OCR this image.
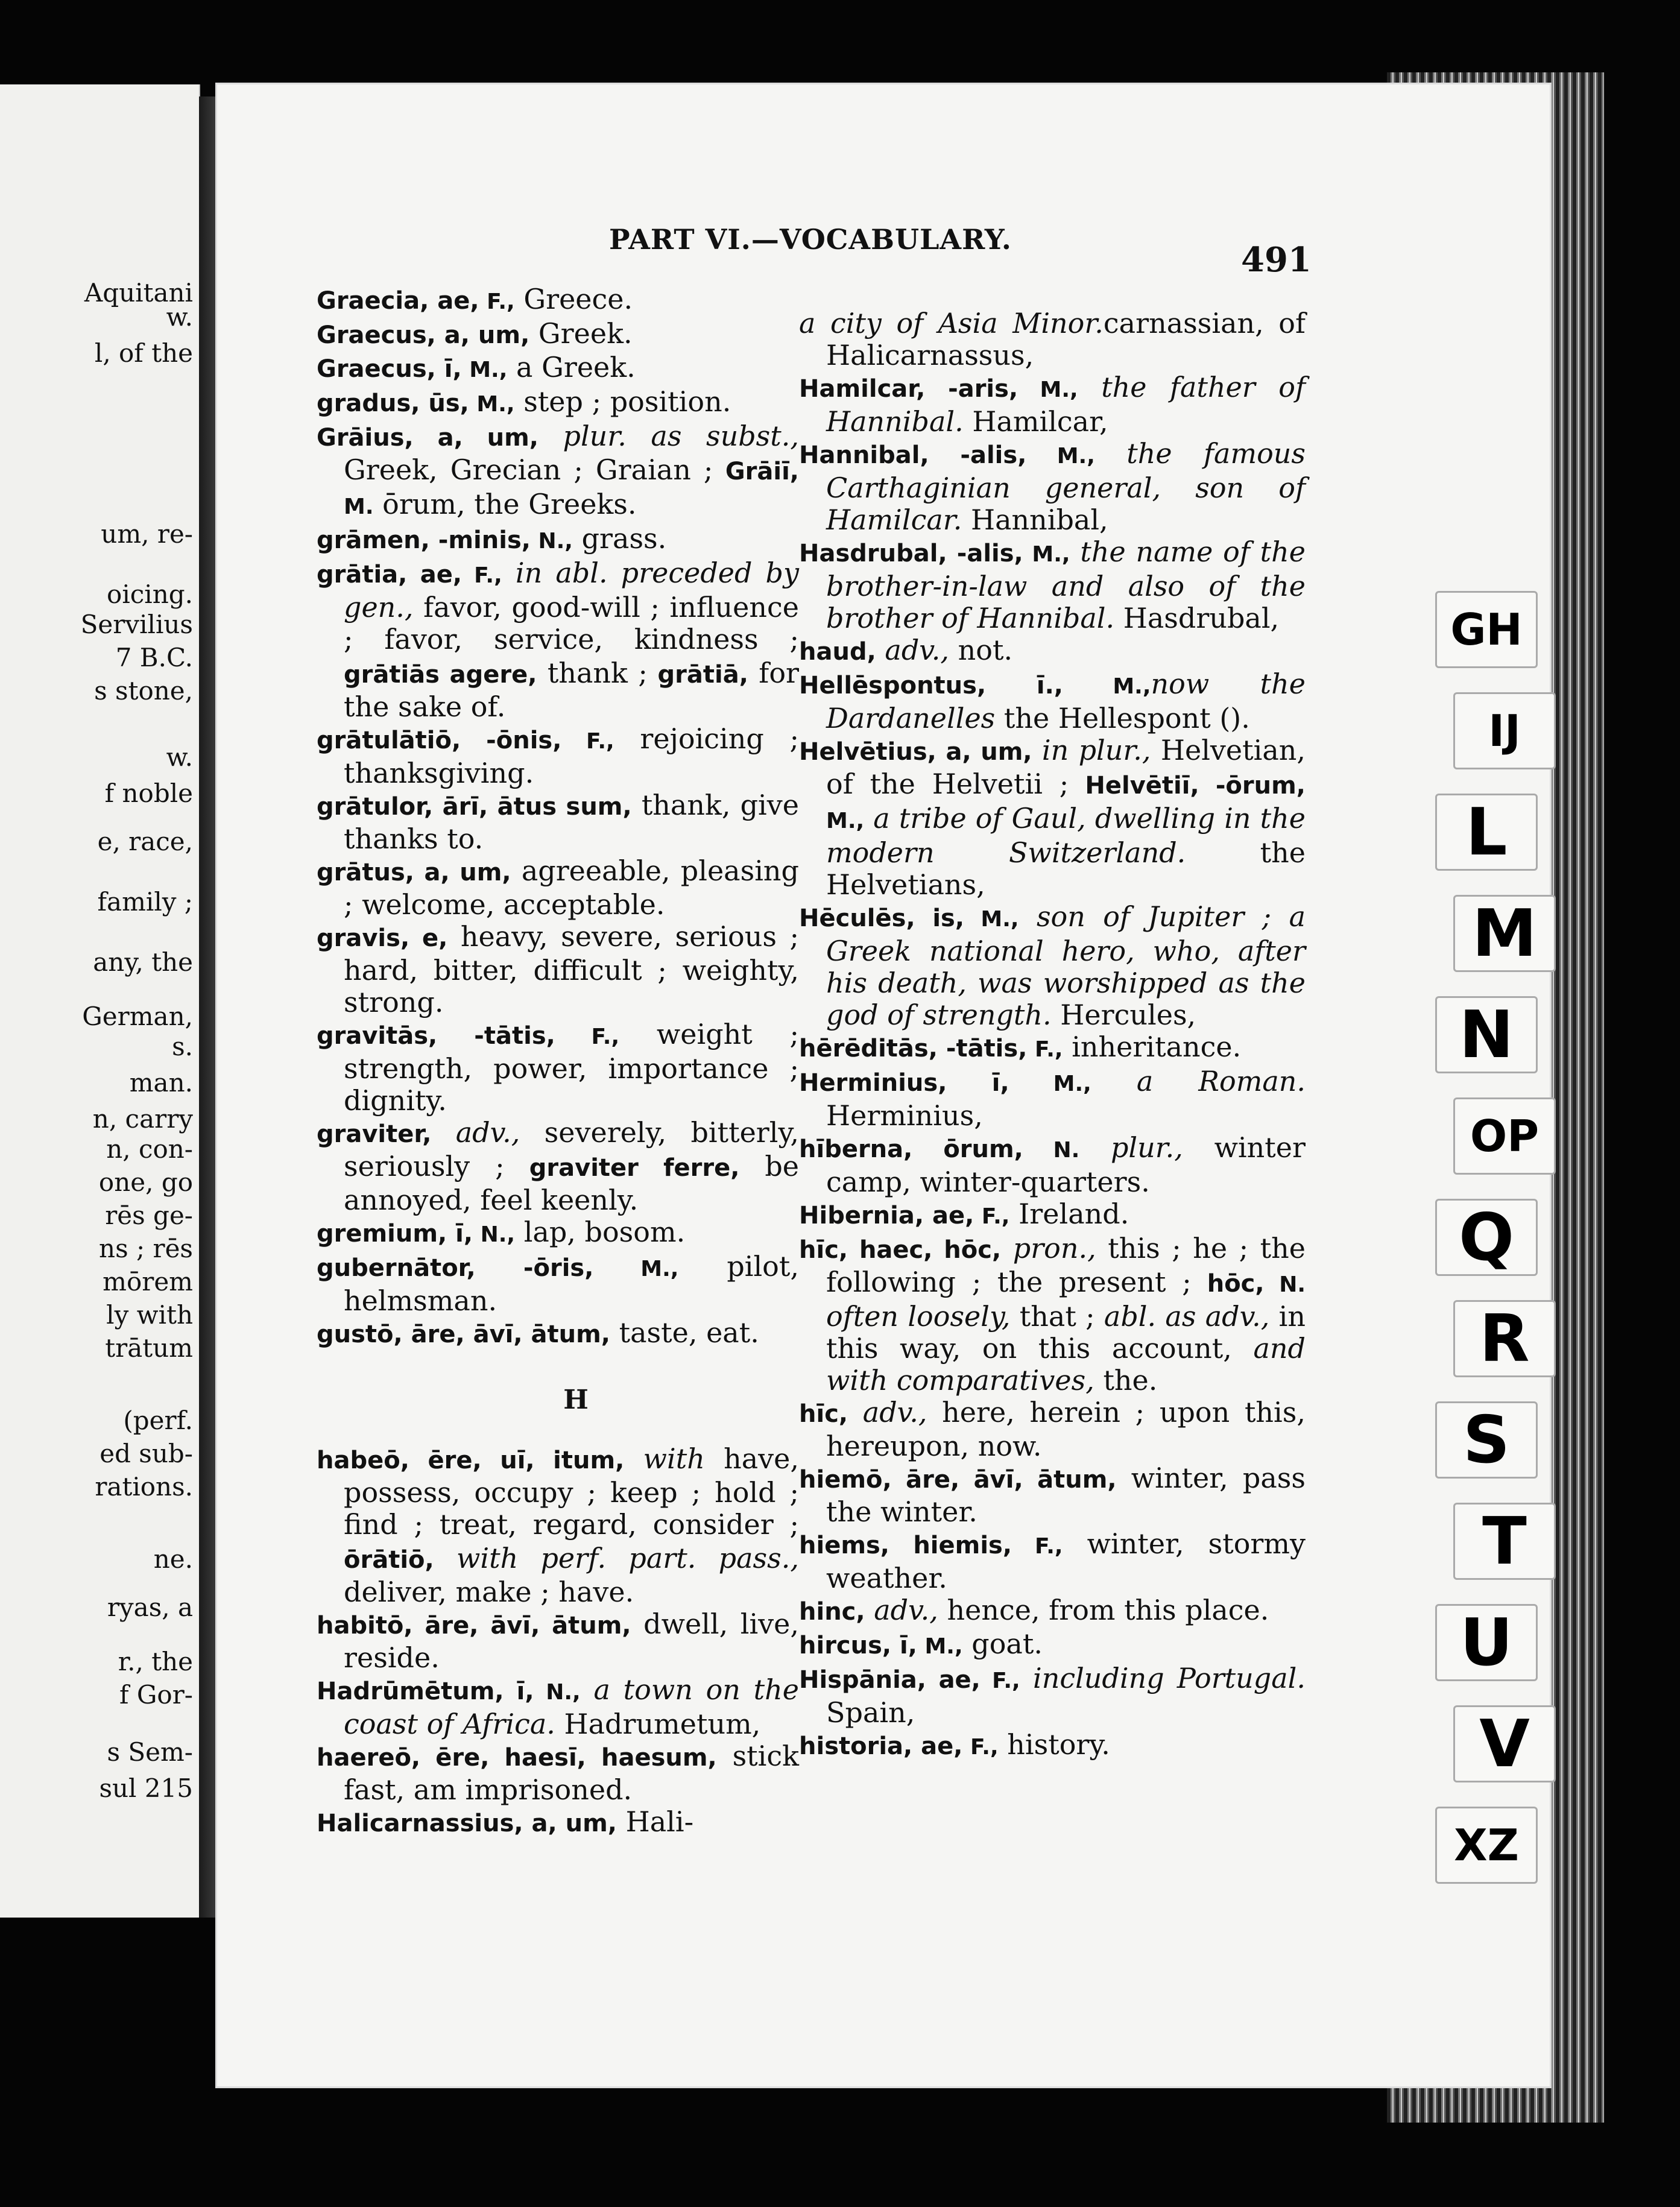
w.
Aquitani
l, of the
um, re-
oicing.
Servilius
7 B.C.
s stone,
w.
f noble
e, race,
family ;
any, the
German,
s.
man.
n, carry
n, con-
one, go
rēs ge-
ns ; rēs
mōrem
ly with
trātum
(perf.
ed sub-
rations.
ne.
ryas, a
r., the
f Gor-
s Sem-
sul 215
PART VI.—VOCABULARY.
491

Graecia, ae, F., Greece.

Graecus, a, um, Greek.

Graecus, ī, M., a Greek.

gradus, ūs, M., step ; position.

Grāius, a, um, plur. as subst., Greek, Grecian ; Graian ; Grāiī, M. ōrum, the Greeks.

grāmen, -minis, N., grass.

grātia, ae, F., in abl. preceded by gen., favor, good-will ; influence ; favor, service, kindness ; grātiās agere, thank ; grātiā, for the sake of.

grātulātiō, -ōnis, F., rejoicing ; thanksgiving.

grātulor, ārī, ātus sum, thank, give thanks to.

grātus, a, um, agreeable, pleasing ; welcome, acceptable.

gravis, e, heavy, severe, serious ; hard, bitter, difficult ; weighty, strong.

gravitās, -tātis, F., weight ; strength, power, importance ; dignity.

graviter, adv., severely, bitterly, seriously ; graviter ferre, be annoyed, feel keenly.

gremium, ī, N., lap, bosom.

gubernātor, -ōris, M., pilot, helmsman.

gustō, āre, āvī, ātum, taste, eat.

H

habeō, ēre, uī, itum, with have, possess, occupy ; keep ; hold ; find ; treat, regard, consider ; ōrātiō, with perf. part. pass., deliver, make ; have.

habitō, āre, āvī, ātum, dwell, live, reside.

Hadrūmētum, ī, N., a town on the coast of Africa. Hadrumetum,

haereō, ēre, haesī, haesum, stick fast, am imprisoned.

Halicarnassius, a, um, Hali-

a city of Asia Minor.carnassian, of Halicarnassus,

Hamilcar, -aris, M., the father of Hannibal. Hamilcar,

Hannibal, -alis, M., the famous Carthaginian general, son of Hamilcar. Hannibal,

Hasdrubal, -alis, M., the name of the brother-in-law and also of the brother of Hannibal. Hasdrubal,

haud, adv., not.

Hellēspontus, ī., M.,now the Dardanelles the Hellespont ().

Helvētius, a, um, in plur., Helvetian, of the Helvetii ; Helvētiī, -ōrum, M., a tribe of Gaul, dwelling in the modern Switzerland. the Helvetians,

Hēculēs, is, M., son of Jupiter ; a Greek national hero, who, after his death, was worshipped as the god of strength. Hercules,

hērēditās, -tātis, F., inheritance.

Herminius, ī, M., a Roman. Herminius,

hīberna, ōrum, N. plur., winter camp, winter-quarters.

Hibernia, ae, F., Ireland.

hīc, haec, hōc, pron., this ; he ; the following ; the present ; hōc, N. often loosely, that ; abl. as adv., in this way, on this account, and with comparatives, the.

hīc, adv., here, herein ; upon this, hereupon, now.

hiemō, āre, āvī, ātum, winter, pass the winter.

hiems, hiemis, F., winter, stormy weather.

hinc, adv., hence, from this place.

hircus, ī, M., goat.

Hispānia, ae, F., including Portugal. Spain,

historia, ae, F., history.

GH
IJ
L
M
N
OP
Q
R
S
T
U
V
XZ
